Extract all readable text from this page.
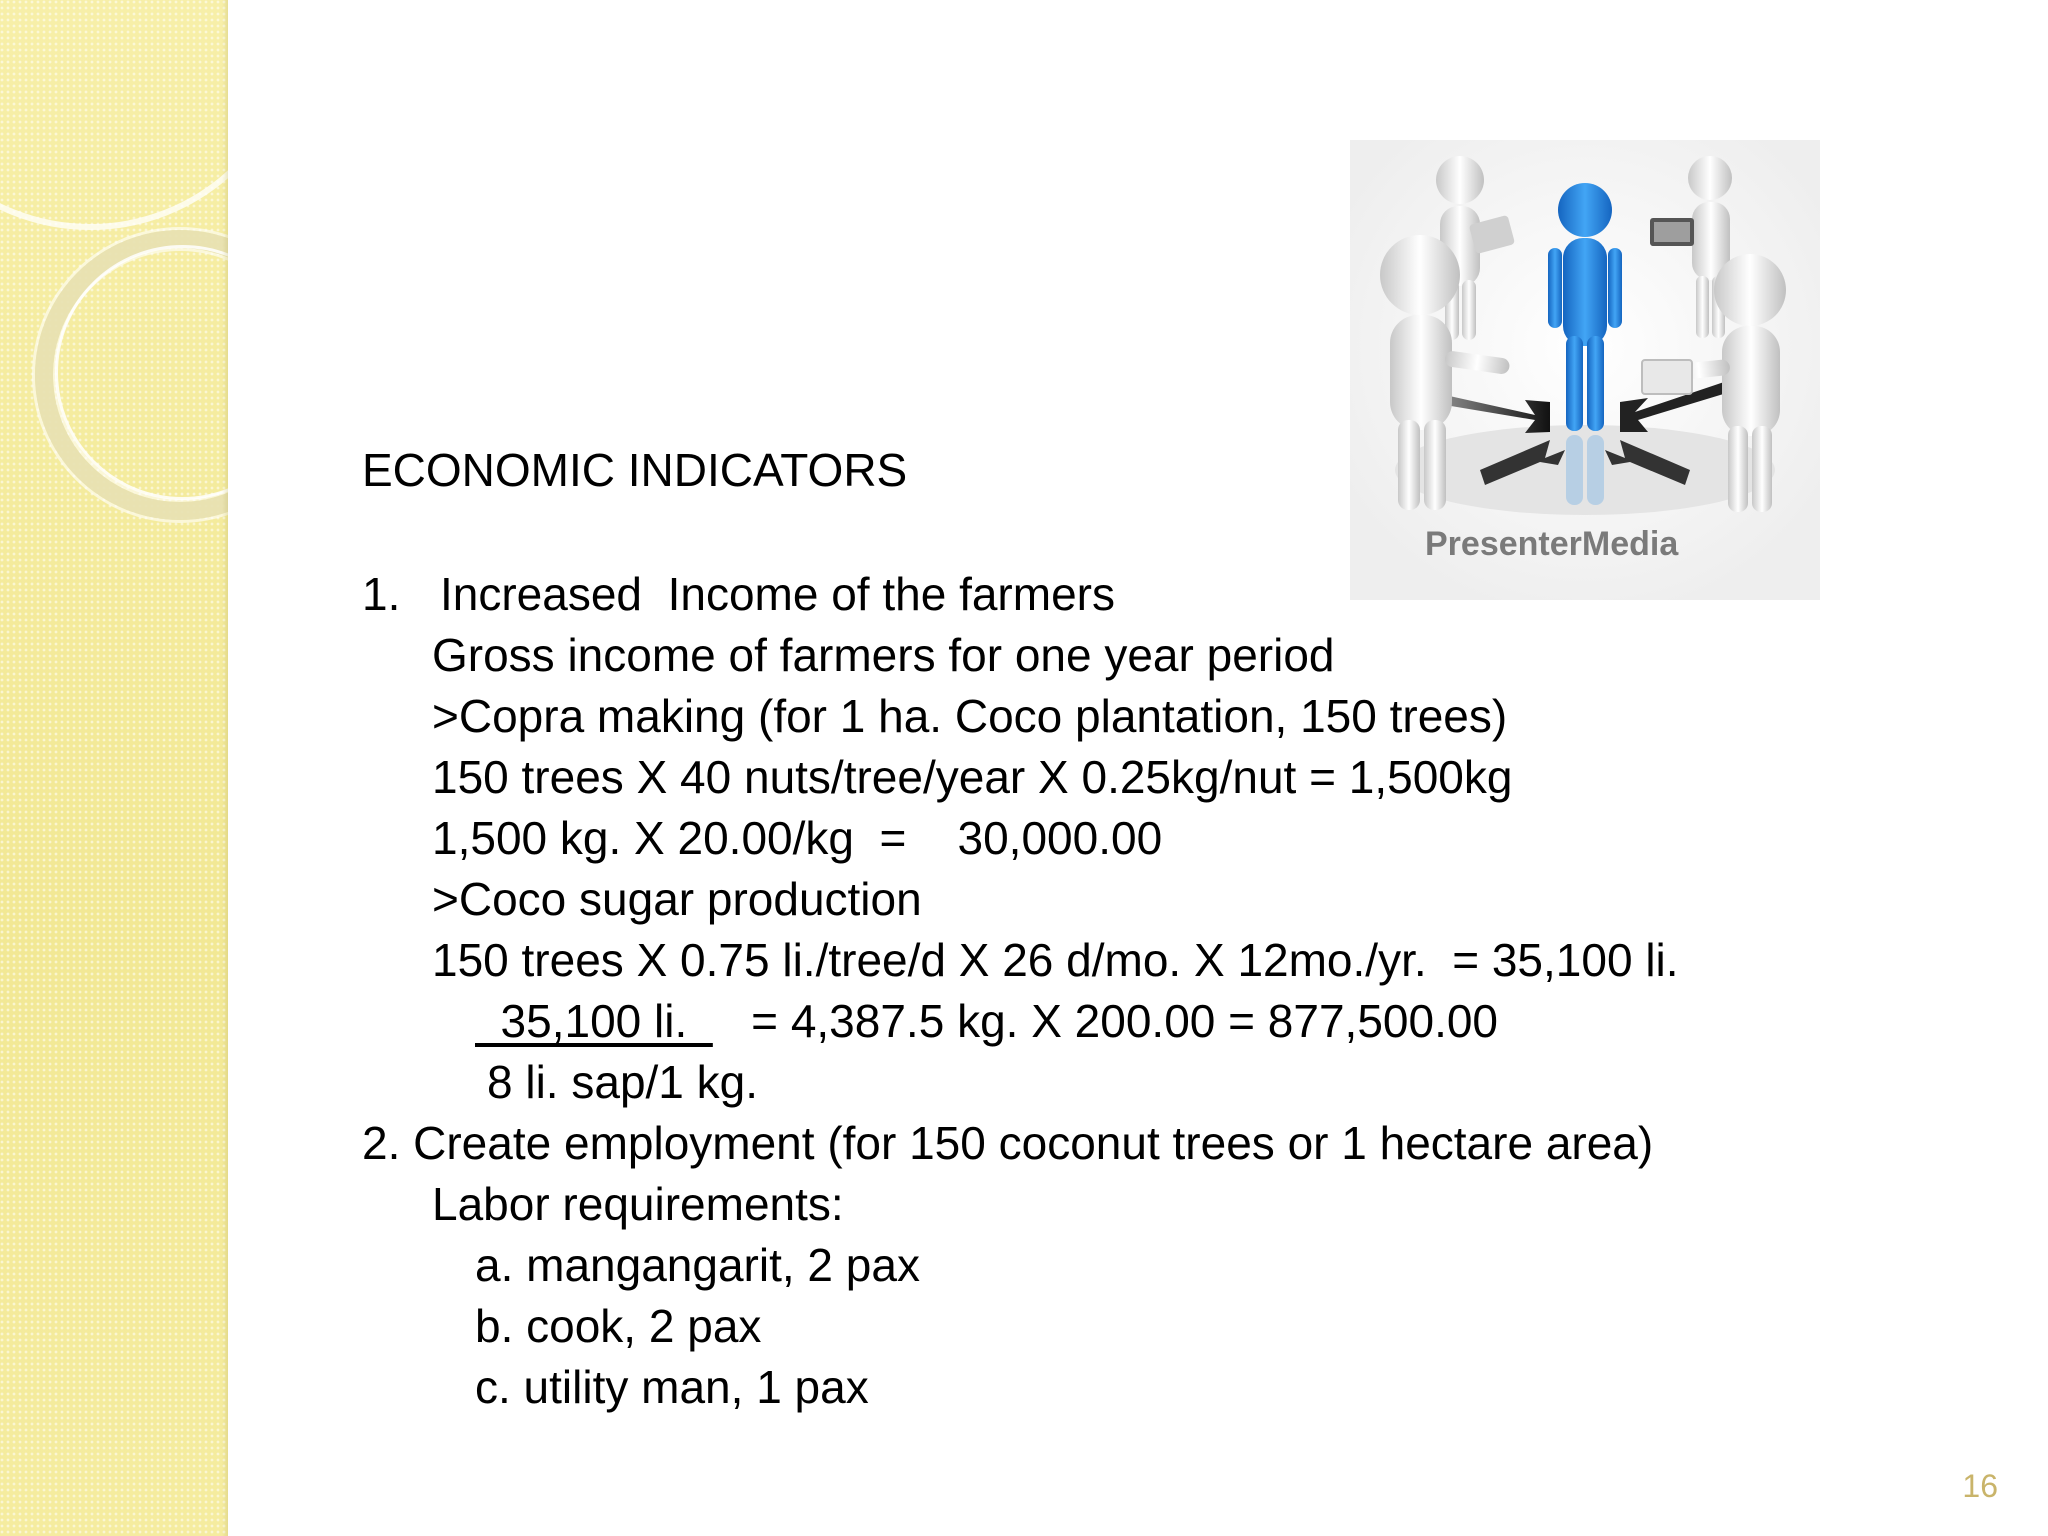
PresenterMedia
ECONOMIC INDICATORS
1. Increased  Income of the farmers
Gross income of farmers for one year period
>Copra making (for 1 ha. Coco plantation, 150 trees)
150 trees X 40 nuts/tree/year X 0.25kg/nut = 1,500kg
1,500 kg. X 20.00/kg  =    30,000.00
>Coco sugar production
150 trees X 0.75 li./tree/d X 26 d/mo. X 12mo./yr.  = 35,100 li.
35,100 li.     = 4,387.5 kg. X 200.00 = 877,500.00
8 li. sap/1 kg.
2. Create employment (for 150 coconut trees or 1 hectare area)
Labor requirements:
a. mangangarit, 2 pax
b. cook, 2 pax
c. utility man, 1 pax
16
